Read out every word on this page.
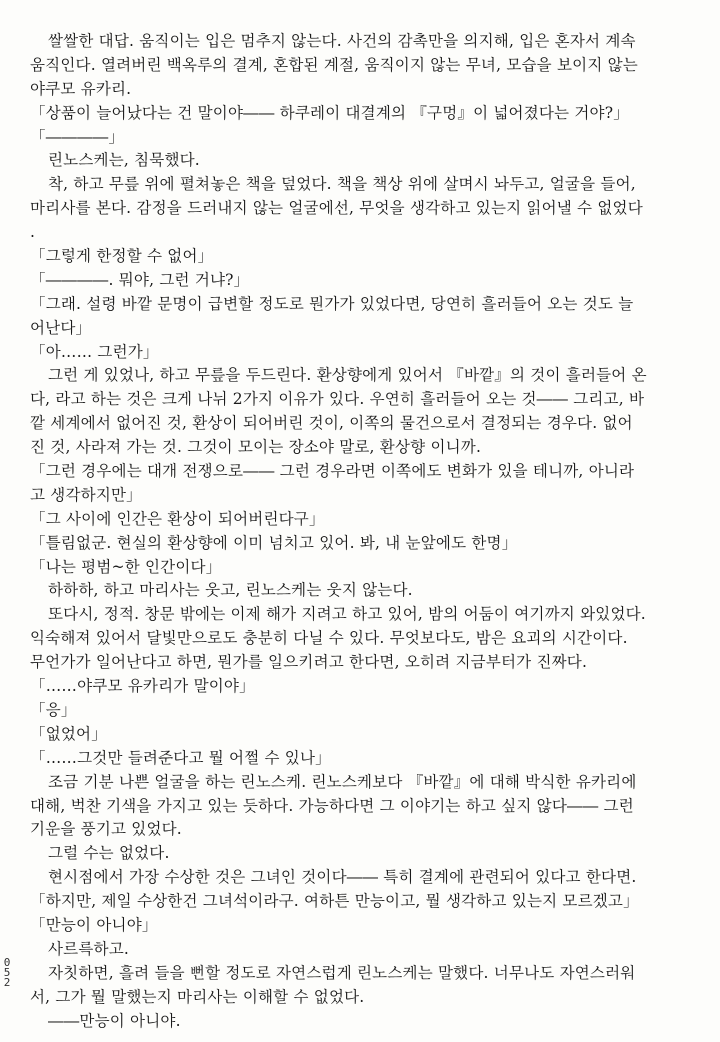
쌀쌀한 대답. 움직이는 입은 멈추지 않는다. 사건의 감촉만을 의지해, 입은 혼자서 계속
움직인다. 열려버린 백옥루의 결계, 혼합된 계절, 움직이지 않는 무녀, 모습을 보이지 않는
야쿠모 유카리.
「상품이 늘어났다는 건 말이야―― 하쿠레이 대결계의 『구멍』이 넓어졌다는 거야?」
「――――」
린노스케는, 침묵했다.
착, 하고 무릎 위에 펼쳐놓은 책을 덮었다. 책을 책상 위에 살며시 놔두고, 얼굴을 들어,
마리사를 본다. 감정을 드러내지 않는 얼굴에선, 무엇을 생각하고 있는지 읽어낼 수 없었다
.
「그렇게 한정할 수 없어」
「――――. 뭐야, 그런 거냐?」
「그래. 설령 바깥 문명이 급변할 정도로 뭔가가 있었다면, 당연히 흘러들어 오는 것도 늘
어난다」
「아…… 그런가」
그런 게 있었나, 하고 무릎을 두드린다. 환상향에게 있어서 『바깥』의 것이 흘러들어 온
다, 라고 하는 것은 크게 나뉘 2가지 이유가 있다. 우연히 흘러들어 오는 것―― 그리고, 바
깥 세계에서 없어진 것, 환상이 되어버린 것이, 이쪽의 물건으로서 결정되는 경우다. 없어
진 것, 사라져 가는 것. 그것이 모이는 장소야 말로, 환상향 이니까.
「그런 경우에는 대개 전쟁으로―― 그런 경우라면 이쪽에도 변화가 있을 테니까, 아니라
고 생각하지만」
「그 사이에 인간은 환상이 되어버린다구」
「틀림없군. 현실의 환상향에 이미 넘치고 있어. 봐, 내 눈앞에도 한명」
「나는 평범~한 인간이다」
하하하, 하고 마리사는 웃고, 린노스케는 웃지 않는다.
또다시, 정적. 창문 밖에는 이제 해가 지려고 하고 있어, 밤의 어둠이 여기까지 와있었다.
익숙해져 있어서 달빛만으로도 충분히 다닐 수 있다. 무엇보다도, 밤은 요괴의 시간이다.
무언가가 일어난다고 하면, 뭔가를 일으키려고 한다면, 오히려 지금부터가 진짜다.
「……야쿠모 유카리가 말이야」
「응」
「없었어」
「……그것만 들려준다고 뭘 어쩔 수 있나」
조금 기분 나쁜 얼굴을 하는 린노스케. 린노스케보다 『바깥』에 대해 박식한 유카리에
대해, 벅찬 기색을 가지고 있는 듯하다. 가능하다면 그 이야기는 하고 싶지 않다―― 그런
기운을 풍기고 있었다.
그럴 수는 없었다.
현시점에서 가장 수상한 것은 그녀인 것이다―― 특히 결계에 관련되어 있다고 한다면.
「하지만, 제일 수상한건 그녀석이라구. 여하튼 만능이고, 뭘 생각하고 있는지 모르겠고」
「만능이 아니야」
사르륵하고.
자칫하면, 흘려 들을 뻔할 정도로 자연스럽게 린노스케는 말했다. 너무나도 자연스러워
서, 그가 뭘 말했는지 마리사는 이해할 수 없었다.
――만능이 아니야.
0
5
2
